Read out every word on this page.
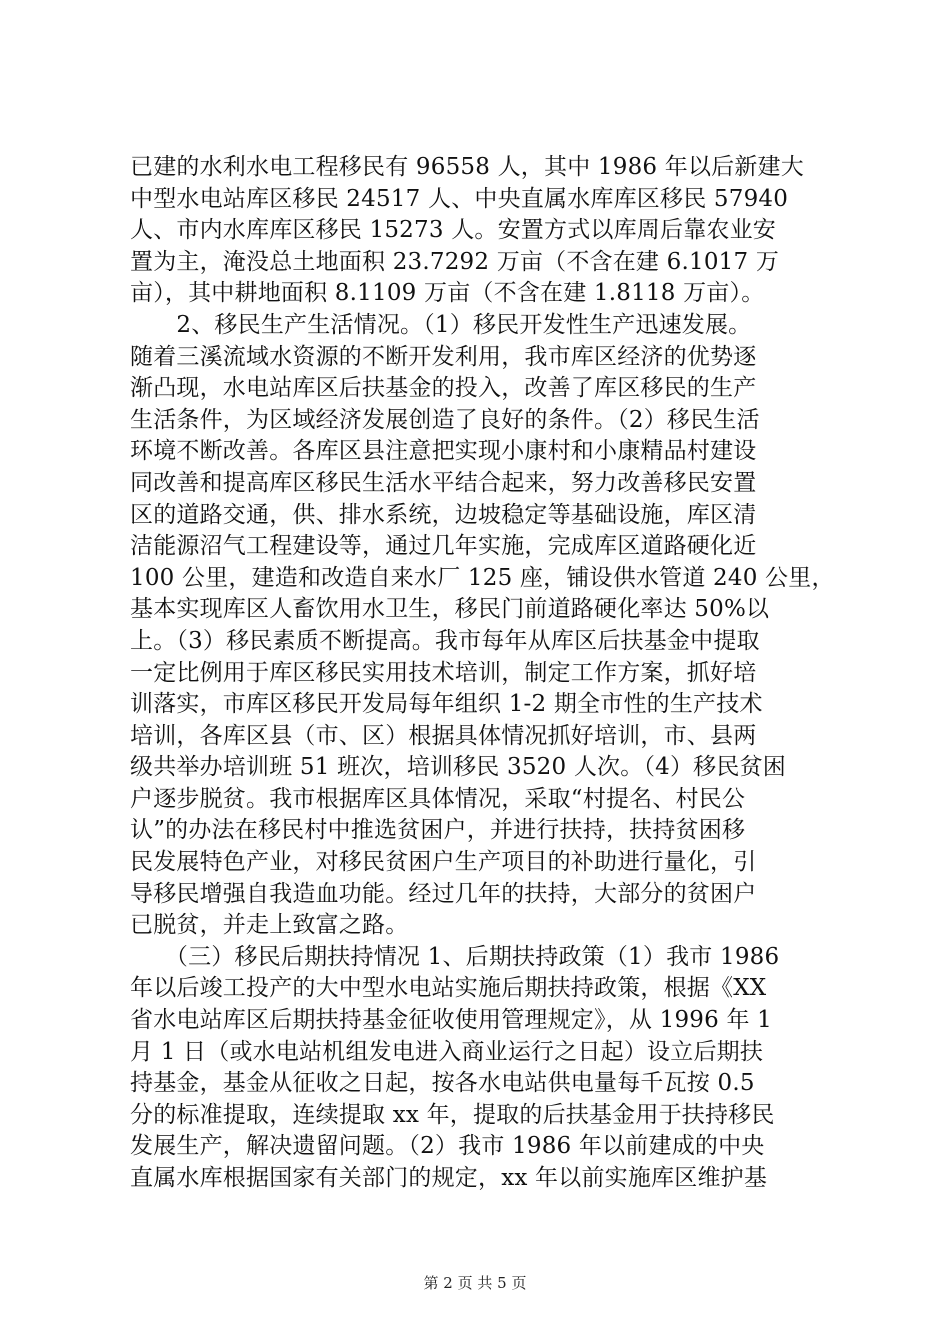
已建的水利水电工程移民有 96558 人，其中 1986 年以后新建大
中型水电站库区移民 24517 人、中央直属水库库区移民 57940
人、市内水库库区移民 15273 人。安置方式以库周后靠农业安
置为主，淹没总土地面积 23.7292 万亩（不含在建 6.1017 万
亩），其中耕地面积 8.1109 万亩（不含在建 1.8118 万亩）。
　　2、移民生产生活情况。（1）移民开发性生产迅速发展。
随着三溪流域水资源的不断开发利用，我市库区经济的优势逐
渐凸现，水电站库区后扶基金的投入，改善了库区移民的生产
生活条件，为区域经济发展创造了良好的条件。（2）移民生活
环境不断改善。各库区县注意把实现小康村和小康精品村建设
同改善和提高库区移民生活水平结合起来，努力改善移民安置
区的道路交通，供、排水系统，边坡稳定等基础设施，库区清
洁能源沼气工程建设等，通过几年实施，完成库区道路硬化近
100 公里，建造和改造自来水厂 125 座，铺设供水管道 240 公里，
基本实现库区人畜饮用水卫生，移民门前道路硬化率达 50%以
上。（3）移民素质不断提高。我市每年从库区后扶基金中提取
一定比例用于库区移民实用技术培训，制定工作方案，抓好培
训落实，市库区移民开发局每年组织 1-2 期全市性的生产技术
培训，各库区县（市、区）根据具体情况抓好培训，市、县两
级共举办培训班 51 班次，培训移民 3520 人次。（4）移民贫困
户逐步脱贫。我市根据库区具体情况，采取“村提名、村民公
认”的办法在移民村中推选贫困户，并进行扶持，扶持贫困移
民发展特色产业，对移民贫困户生产项目的补助进行量化，引
导移民增强自我造血功能。经过几年的扶持，大部分的贫困户
已脱贫，并走上致富之路。
　　（三）移民后期扶持情况 1、后期扶持政策（1）我市 1986
年以后竣工投产的大中型水电站实施后期扶持政策，根据《XX
省水电站库区后期扶持基金征收使用管理规定》，从 1996 年 1
月 1 日（或水电站机组发电进入商业运行之日起）设立后期扶
持基金，基金从征收之日起，按各水电站供电量每千瓦按 0.5
分的标准提取，连续提取 xx 年，提取的后扶基金用于扶持移民
发展生产，解决遗留问题。（2）我市 1986 年以前建成的中央
直属水库根据国家有关部门的规定，xx 年以前实施库区维护基
第 2 页 共 5 页
